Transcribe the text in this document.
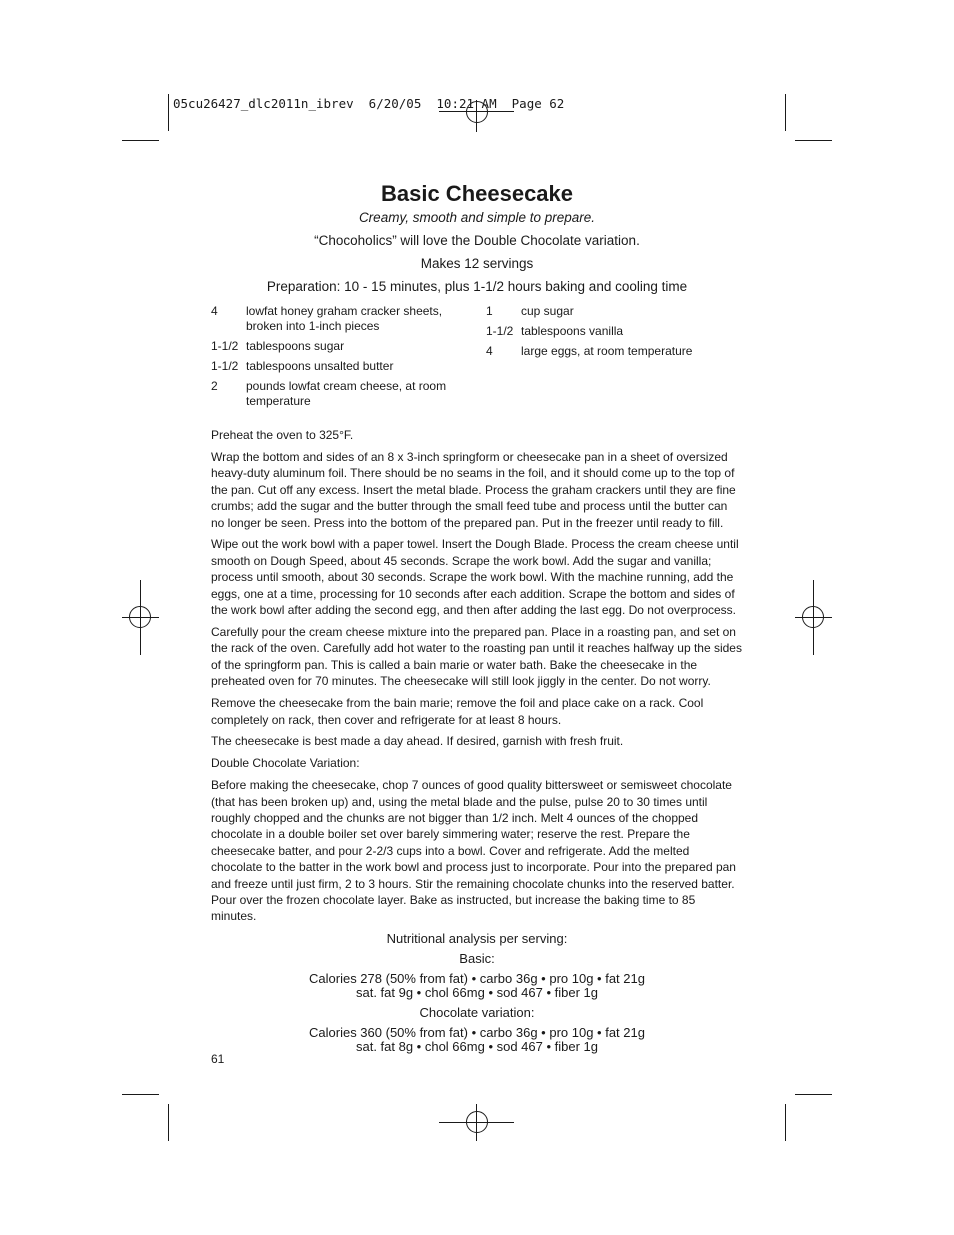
05cu26427_dlc2011n_ibrev  6/20/05  10:21 AM  Page 62
Basic Cheesecake
Creamy, smooth and simple to prepare.
“Chocoholics” will love the Double Chocolate variation.
Makes 12 servings
Preparation: 10 - 15 minutes, plus 1-1/2 hours baking and cooling time
4	lowfat honey graham cracker sheets, broken into 1-inch pieces
1-1/2 tablespoons sugar
1-1/2 tablespoons unsalted butter
2	pounds lowfat cream cheese, at room temperature
1	cup sugar
1-1/2 tablespoons vanilla
4	large eggs, at room temperature

Preheat the oven to 325°F.

Wrap the bottom and sides of an 8 x 3-inch springform or cheesecake pan in a sheet of oversized heavy-duty aluminum foil. There should be no seams in the foil, and it should come up to the top of the pan. Cut off any excess. Insert the metal blade. Process the graham crackers until they are fine crumbs; add the sugar and the butter through the small feed tube and process until the butter can no longer be seen. Press into the bottom of the prepared pan. Put in the freezer until ready to fill.

Wipe out the work bowl with a paper towel. Insert the Dough Blade. Process the cream cheese until smooth on Dough Speed, about 45 seconds. Scrape the work bowl. Add the sugar and vanilla; process until smooth, about 30 seconds. Scrape the work bowl. With the machine running, add the eggs, one at a time, processing for 10 seconds after each addition. Scrape the bottom and sides of the work bowl after adding the second egg, and then after adding the last egg. Do not overprocess.

Carefully pour the cream cheese mixture into the prepared pan. Place in a roasting pan, and set on the rack of the oven. Carefully add hot water to the roasting pan until it reaches halfway up the sides of the springform pan. This is called a bain marie or water bath. Bake the cheesecake in the preheated oven for 70 minutes. The cheesecake will still look jiggly in the center. Do not worry.

Remove the cheesecake from the bain marie; remove the foil and place cake on a rack. Cool completely on rack, then cover and refrigerate for at least 8 hours.

The cheesecake is best made a day ahead. If desired, garnish with fresh fruit.

Double Chocolate Variation:

Before making the cheesecake, chop 7 ounces of good quality bittersweet or semisweet chocolate (that has been broken up) and, using the metal blade and the pulse, pulse 20 to 30 times until roughly chopped and the chunks are not bigger than 1/2 inch. Melt 4 ounces of the chopped chocolate in a double boiler set over barely simmering water; reserve the rest. Prepare the cheesecake batter, and pour 2-2/3 cups into a bowl. Cover and refrigerate. Add the melted chocolate to the batter in the work bowl and process just to incorporate. Pour into the prepared pan and freeze until just firm, 2 to 3 hours. Stir the remaining chocolate chunks into the reserved batter. Pour over the frozen chocolate layer. Bake as instructed, but increase the baking time to 85 minutes.

Nutritional analysis per serving:
Basic:
Calories 278 (50% from fat) • carbo 36g • pro 10g • fat 21g
sat. fat 9g • chol 66mg • sod 467 • fiber 1g
Chocolate variation:
Calories 360 (50% from fat) • carbo 36g • pro 10g • fat 21g
sat. fat 8g • chol 66mg • sod 467 • fiber 1g
61
